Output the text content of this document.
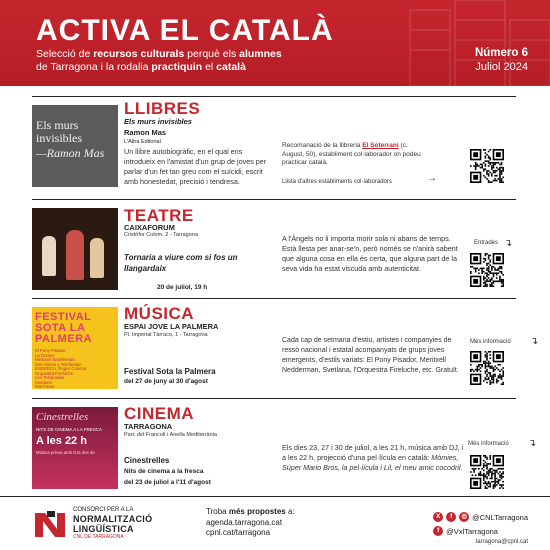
ACTIVA EL CATALÀ
Selecció de recursos culturals perquè els alumnes de Tarragona i la rodalia practiquin el català
Número 6
Juliol 2024
Els murs invisibles
—Ramon Mas
LLIBRES
Els murs invisibles
Ramon Mas
L'Altra Editorial
Un llibre autobiogràfic, en el qual ens introdueix en l'amistat d'un grup de joves per parlar d'un fet tan greu com el suïcidi, escrit amb honestedat, precisió i tendresa.
Recomanació de la llibreria El Soterrani (c. August, 50), establiment col·laborador on podeu practicar català.
Llista d'altres establiments col·laboradors	→
TEATRE
CAIXAFORUM
Cristòfor Colom, 2 - Tarragona
Tornaria a viure com si fos un llangardaix
20 de juliol, 19 h
A l'Àngels no li importa morir sola ni abans de temps. Està llesta per anar-se'n, però només se n'anirà sabent que alguna cosa en ella és certa, que alguna part de la seva vida ha estat viscuda amb autenticitat.
Entrades ↴
FESTIVAL
SOTA LA
PALMERA
El Pony Pisador
La Dooms
Meritxell Nedderman
Dan Simon y Telefunken
ENDRECA, Roger Coloma
Orquestra Fireluche
Les Testarudes
Svetlana
Mal Pares
MÚSICA
ESPAI JOVE LA PALMERA
Pl. Imperial Tàrraco, 1 - Tarragona
Festival Sota la Palmera
del 27 de juny al 30 d'agost
Cada cap de setmana d'estiu, artistes i companyies de ressò nacional i estatal acompanyats de grups joves emergents, d'estils variats: El Pony Pisador, Meritxell Nedderman, Svetlana, l'Orquestra Fireluche, etc. Gratuït.
Més informació ↴
Cinestrelles
NITS DE CINEMA A LA FRESCA
A les 22 h
Música prèvia amb DJs des de
CINEMA
TARRAGONA
Parc del Francolí i Anella Mediterrània
Cinestrelles
Nits de cinema a la fresca
del 23 de juliol a l'11 d'agost
Els dies 23, 27 i 30 de juliol, a les 21 h, música amb DJ, i a les 22 h, projecció d'una pel·lícula en català: Mòmies, Súper Mario Bros, la pel·lícula i Lil, el meu amic cocodril.
Més informació ↴
CONSORCI PER A LA
NORMALITZACIÓ
LINGÜÍSTICA
CNL DE TARRAGONA
Troba més propostes a:
agenda.tarragona.cat
cpnl.cat/tarragona
X	f	◎ @CNLTarragona
f @VxlTarragona
tarragona@cpnl.cat
